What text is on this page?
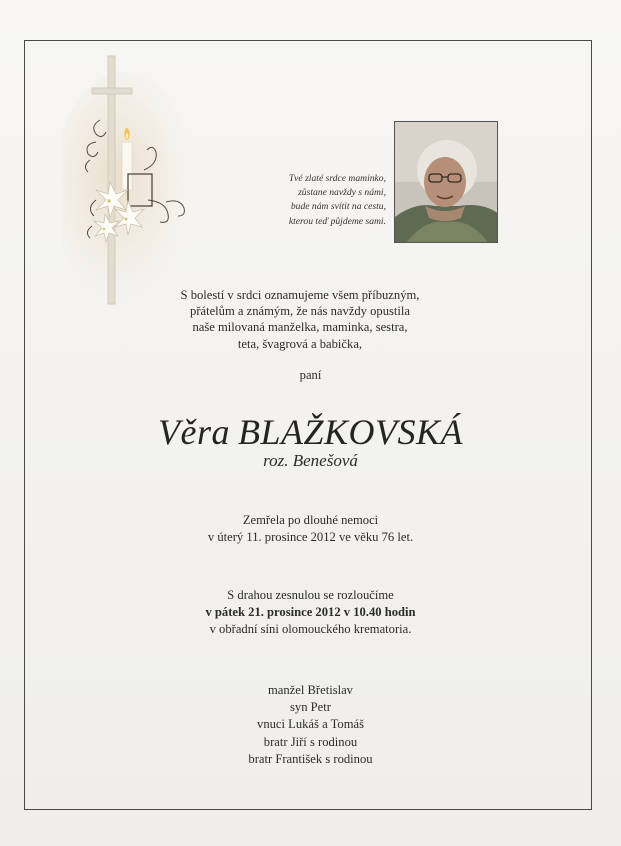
Tvé zlaté srdce maminko,
zůstane navždy s námi,
bude nám svítit na cestu,
kterou teď půjdeme sami.
S bolestí v srdci oznamujeme všem příbuzným,
přátelům a známým, že nás navždy opustila
naše milovaná manželka, maminka, sestra,
teta, švagrová a babička,
paní
Věra BLAŽKOVSKÁ
roz. Benešová
Zemřela po dlouhé nemoci
v úterý 11. prosince 2012 ve věku 76 let.
S drahou zesnulou se rozloučíme
v pátek 21. prosince 2012 v 10.40 hodin
v obřadní síni olomouckého krematoria.
manžel Břetislav
syn Petr
vnuci Lukáš a Tomáš
bratr Jiří s rodinou
bratr František s rodinou
